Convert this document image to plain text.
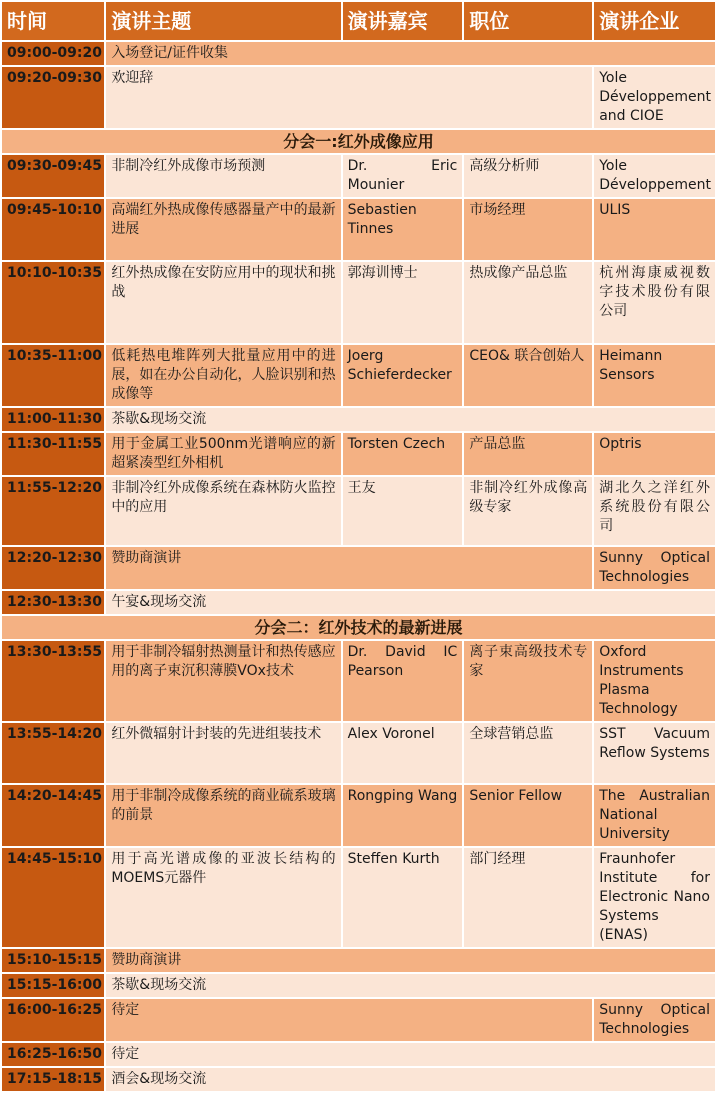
时间	演讲主题	演讲嘉宾	职位	演讲企业
09:00-09:20	入场登记/证件收集			
09:20-09:30	欢迎辞			Yole Développement and CIOE
分会一:红外成像应用				
09:30-09:45	非制冷红外成像市场预测	Dr. Eric Mounier	高级分析师	Yole Développement
09:45-10:10	高端红外热成像传感器量产中的最新进展	Sebastien Tinnes	市场经理	ULIS
10:10-10:35	红外热成像在安防应用中的现状和挑战	郭海训博士	热成像产品总监	杭州海康威视数字技术股份有限公司
10:35-11:00	低耗热电堆阵列大批量应用中的进展，如在办公自动化，人脸识别和热成像等	Joerg Schieferdecker	CEO& 联合创始人	Heimann Sensors
11:00-11:30	茶歇&现场交流			
11:30-11:55	用于金属工业500nm光谱响应的新超紧凑型红外相机	Torsten Czech	产品总监	Optris
11:55-12:20	非制冷红外成像系统在森林防火监控中的应用	王友	非制冷红外成像高级专家	湖北久之洋红外系统股份有限公司
12:20-12:30	赞助商演讲			Sunny Optical Technologies
12:30-13:30	午宴&现场交流			
分会二：红外技术的最新进展				
13:30-13:55	用于非制冷辐射热测量计和热传感应用的离子束沉积薄膜VOx技术	Dr. David IC Pearson	离子束高级技术专家	Oxford Instruments Plasma Technology
13:55-14:20	红外微辐射计封装的先进组装技术	Alex Voronel	全球营销总监	SST Vacuum Reflow Systems
14:20-14:45	用于非制冷成像系统的商业硫系玻璃的前景	Rongping Wang	Senior Fellow	The Australian National University
14:45-15:10	用于高光谱成像的亚波长结构的MOEMS元器件	Steffen Kurth	部门经理	Fraunhofer Institute for Electronic Nano Systems (ENAS)
15:10-15:15	赞助商演讲			
15:15-16:00	茶歇&现场交流			
16:00-16:25	待定			Sunny Optical Technologies
16:25-16:50	待定			
17:15-18:15	酒会&现场交流			
